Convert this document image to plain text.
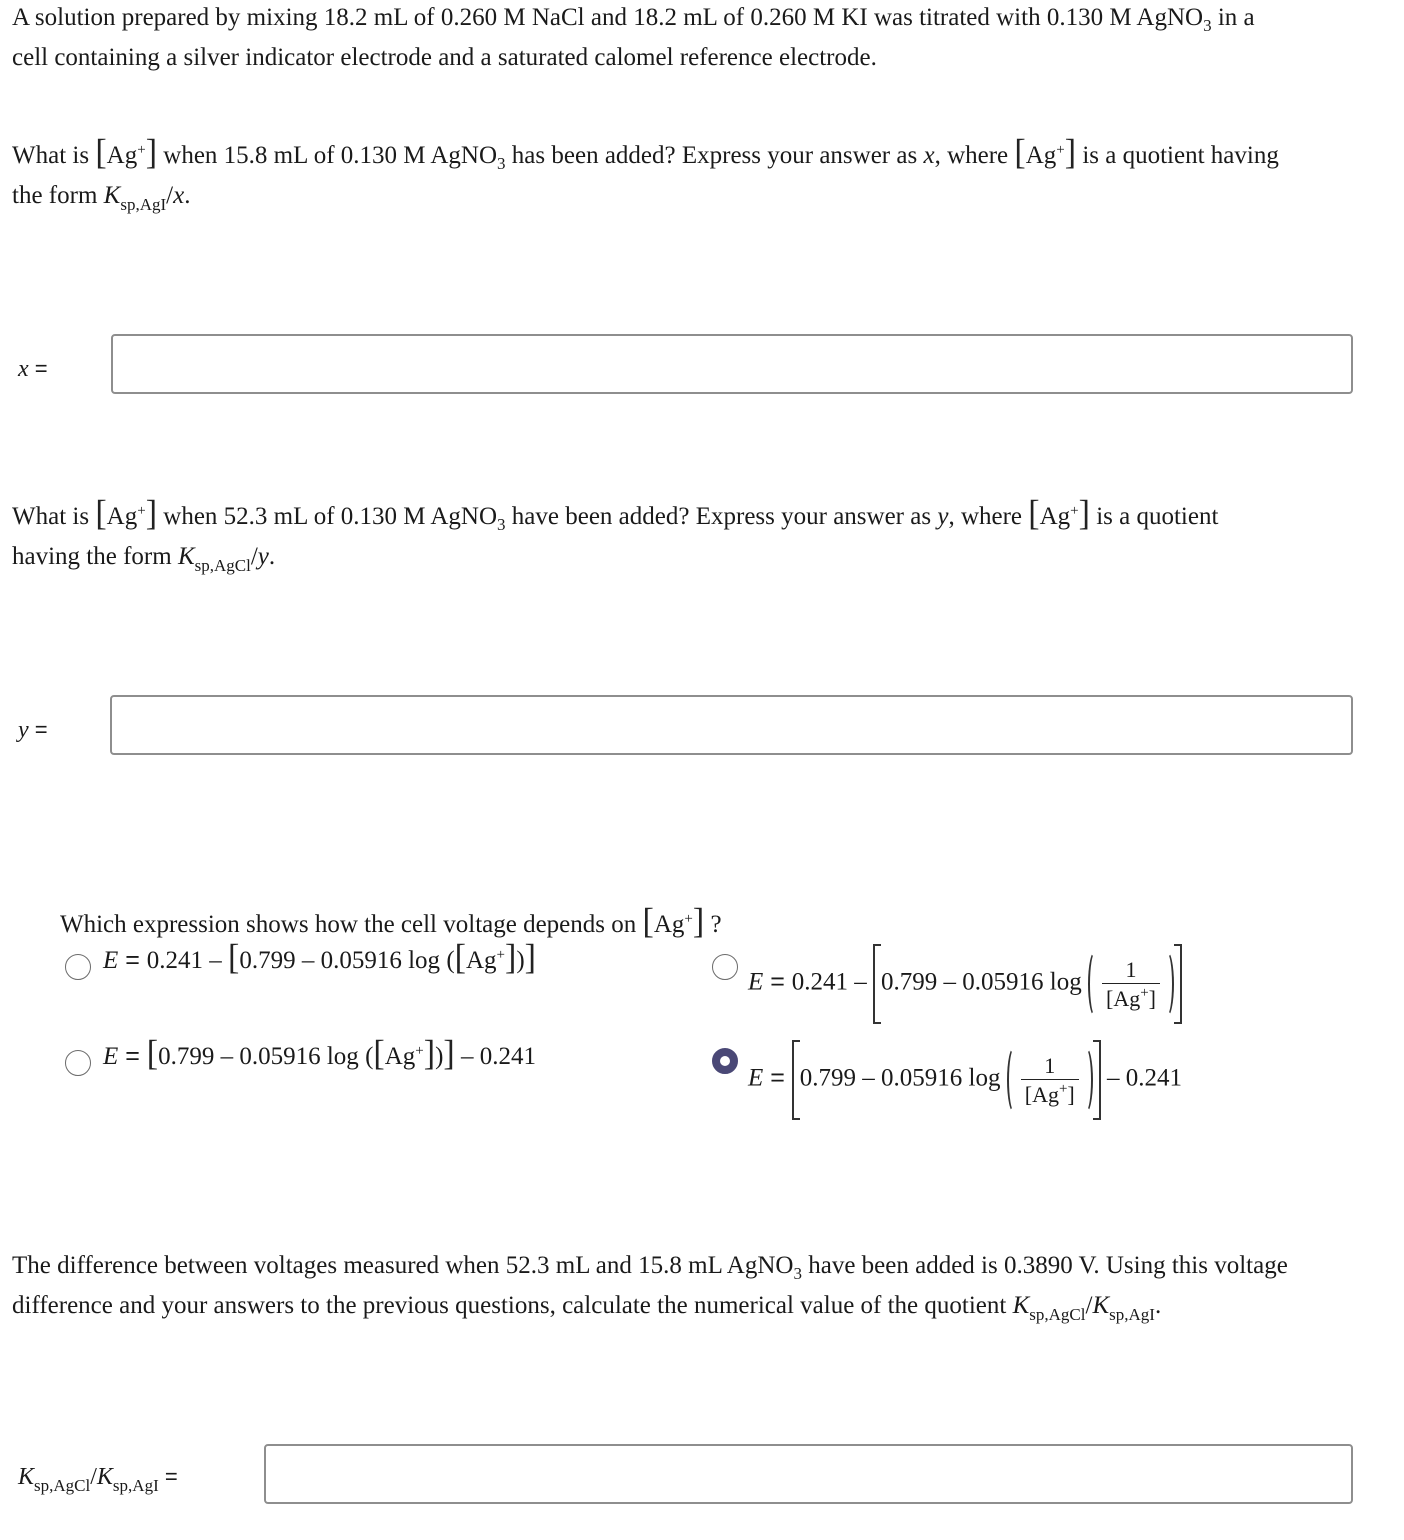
A solution prepared by mixing 18.2 mL of 0.260 M NaCl and 18.2 mL of 0.260 M KI was titrated with 0.130 M AgNO$_3$ in a
cell containing a silver indicator electrode and a saturated calomel reference electrode.
What is [Ag+] when 15.8 mL of 0.130 M AgNO$_3$ has been added? Express your answer as x, where [Ag+] is a quotient having
the form $K_{sp,AgI}/x$.
x =
What is [Ag+] when 52.3 mL of 0.130 M AgNO$_3$ have been added? Express your answer as y, where [Ag+] is a quotient
having the form $K_{sp,AgCl}/y$.
y =
Which expression shows how the cell voltage depends on [Ag+] ?
E = 0.241 – [0.799 – 0.05916 log ([Ag+])]
E = [0.799 – 0.05916 log ([Ag+])] – 0.241
E = 0.241 – 0.799 – 0.05916 $\log \frac{1}{[Ag^+]}$
E = 0.799 – 0.05916 $\log \frac{1}{[Ag^+]} - 0.241$
The difference between voltages measured when 52.3 mL and 15.8 mL AgNO$_3$ have been added is 0.3890 V. Using this voltage
difference and your answers to the previous questions, calculate the numerical value of the quotient $K_{sp,AgCl}/K_{sp,AgI}$.
$K_{sp,AgCl}/K_{sp,AgI}$ =
